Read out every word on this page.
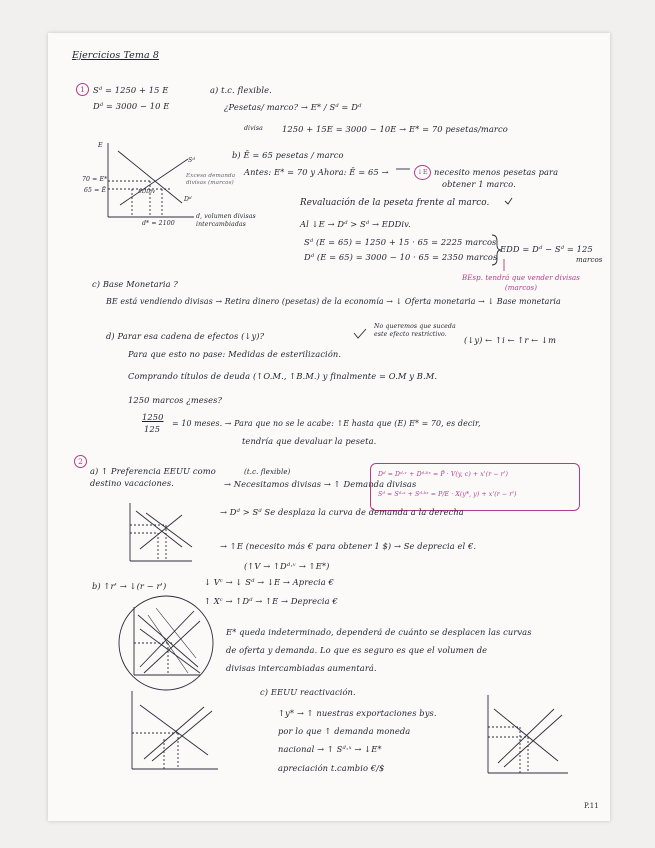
Ejercicios Tema 8
1 Sᵈ = 1250 + 15 E
Dᵈ = 3000 − 10 E
a) t.c. flexible.
¿Pesetas/ marco? → E* / Sᵈ = Dᵈ
divisa 1250 + 15E = 3000 − 10E → E* = 70 pesetas/marco
E
70 = E*
65 = Ē
Sᵈ
Dᵈ
EDDiv
Exceso demanda divisas (marcos)
d* = 2100
d, volumen divisas intercambiadas
b) Ē = 65 pesetas / marco
Antes: E* = 70 y Ahora: Ē = 65 →	↓E necesito menos pesetas para
obtener 1 marco.
Revaluación de la peseta frente al marco.
Al ↓E → Dᵈ > Sᵈ → EDDiv.
Sᵈ (E = 65) = 1250 + 15 · 65 = 2225 marcos
Dᵈ (E = 65) = 3000 − 10 · 65 = 2350 marcos
EDD = Dᵈ − Sᵈ = 125
marcos
BEsp. tendrá que vender divisas (marcos)
c) Base Monetaria ?
BE está vendiendo divisas → Retira dinero (pesetas) de la economía → ↓ Oferta monetaria → ↓ Base monetaria
d) Parar esa cadena de efectos (↓y)?
No queremos que suceda este efecto restrictivo.
(↓y) ← ↑i ← ↑r ← ↓m
Para que esto no pase: Medidas de esterilización.
Comprando títulos de deuda (↑O.M., ↑B.M.) y finalmente = O.M y B.M.
1250 marcos ¿meses?
1250
125
= 10 meses. → Para que no se le acabe: ↑E hasta que (E) E* = 70, es decir,
tendría que devaluar la peseta.
2
a) ↑ Preferencia EEUU como destino vacaciones.
(t.c. flexible)
→ Necesitamos divisas → ↑ Demanda divisas
Dᵈ = Dᵈ·ᵛ + Dᵈ·ᵏˣ = P̄ · V(y, c) + x'(r − r')
Sᵈ = Sᵈ·ˣ + Sᵈ·ᵏˣ = P/E · X(y*, y) + x'(r − r')
→ Dᵈ > Sᵈ Se desplaza la curva de demanda a la derecha
→ ↑E (necesito más € para obtener 1 $) → Se deprecia el €.
(↑V → ↑Dᵈ·ᵛ → ↑E*)
b) ↑r' → ↓(r − r')	↓ Vᶜ → ↓ Sᵈ → ↓E → Aprecia €
↑ Xᶜ → ↑Dᵈ → ↑E → Deprecia €
E* queda indeterminado, dependerá de cuánto se desplacen las curvas
de oferta y demanda. Lo que es seguro es que el volumen de
divisas intercambiadas aumentará.
c) EEUU reactivación.
↑y* → ↑ nuestras exportaciones bys.
por lo que ↑ demanda moneda
nacional → ↑ Sᵈ·ˣ → ↓E*
apreciación t.cambio €/$
P.11
